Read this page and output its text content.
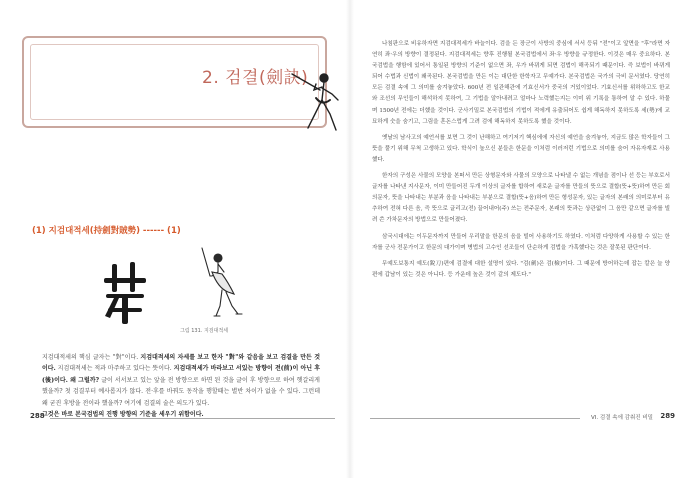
2. 검결(劍訣)
(1) 지검대적세(持劍對賊勢) ------ (1)
그림 131. 지검대적세

지검대적세의 핵심 글자는 "對"이다. 지검대적세의 자세를 보고 한자 "對"와 같음을 보고 검결을 만든 것이다. 지검대적세는 적과 마주하고 있다는 뜻이다. 지검대적세가 바라보고 서있는 방향이 전(前)이 아닌 후(後)이다. 왜 그럴까? 글이 서서보고 있는 앞을 전 방향으로 하면 된 것을 글이 후 방향으로 하여 헷갈리게 했을까? 첫 검결부터 예사롭지가 않다. 전·후를 바꿔도 동작을 행할때는 별반 차이가 없을 수 있다. 그런데 왜 굳진 후방을 전이라 했을까? 여기에 검결의 술은 의도가 있다.
그것은 바로 본국검법의 진행 방향의 기준을 세우기 위함이다.

288

나침판으로 비유하자면 지검대적세가 바늘이다. 검을 든 장군이 사방의 중심에 서서 등뒤 "전"이고 앞면을 "후"라면 자연히 좌·우의 방향이 결정된다. 지검대적세는 향후 진행될 본국검법에서 좌·우 방향을 규정한다. 이것은 매우 중요하다. 본국검법을 행함에 있어서 통일된 방향의 기준이 없으면 좌, 우가 바뀌게 되면 검법이 해곡되기 때문이다. 즉 보법이 바뀌게 되어 수법과 신법이 왜곡된다. 본국검법을 만든 이는 대단한 한학자고 무예가다. 본국검법은 국가의 극비 문서였다. 당연히 모든 검결 속에 그 의미를 숨겨놓았다. 600년 전 일관해관에 기효신서가 중국의 거있이었다. 기효신서를 위하하고도 한교와 조선의 무인들이 해석하지 못하여, 그 기법을 알아내려고 얼마나 노력했는지는 이미 위 기록을 통하여 알 수 있다. 하물며 1500년 전에는 더했을 것이다. 군사기밀로 본국검법의 기법이 적에게 유출되어도 쉽게 해독하지 못하도록 세(勢)에 교묘하게 숫을 숨기고, 그림을 혼돈스럽게 그려 검에 해독하지 못하도록 했을 것이다.

옛날의 남사고의 예언서를 보면 그 것이 난해하고 여기저기 핵심에에 자신의 예언을 숨겨놓아, 지금도 많은 학자들이 그 뜻을 풀기 위해 무척 고생하고 있다. 학식이 높으신 분들은 한문을 이처럼 이러저런 기법으로 의미를 숨어 자유자재로 사용했다.

한자의 구성은 사물의 모양을 본떠서 만든 상형문자와 사물의 모양으로 나타낼 수 없는 개념을 점이나 선 등는 부호로서 글자를 나타낸 지사문자, 이미 만들어진 두개 이상의 글자를 합하여 새로운 글자를 만들의 뜻으로 결합(뜻+뜻)하여 만든 회의문자, 뜻을 나타내는 부분과 음을 나타내는 부분으로 결합(뜻+음)하여 만든 형성문자, 있는 글자의 본래의 의미로부터 유추하여 전혀 다른 음, 즉 뜻으로 글리고(전) 끌어내어(주) 쓰는 전주문자, 본래의 뜻과는 상관없이 그 음만 같으면 글자를 빌려 쓴 가차문자의 방법으로 만들어졌다.

삼국시대에는 이두문자까지 만들어 우리말을 한문의 음을 빌어 사용하기도 하였다. 이처럼 다양하게 사용할 수 있는 한자를 군사 전문가이고 한문의 대가이며 병법의 고수인 선조들이 단순하게 검법을 가혹했다는 것은 잘못된 판단이다.

무예도보통지 예도(銳刀)편에 검결에 대한 설명이 있다. "검(劍)은 검(檢)이다. 그 때문에 방어하는데 잡는 칼은 늘 양편에 갑남이 있는 것은 아니다. 등 가운데 높은 것이 같의 제도다."

VI. 검결 속에 감춰진 비밀 289
